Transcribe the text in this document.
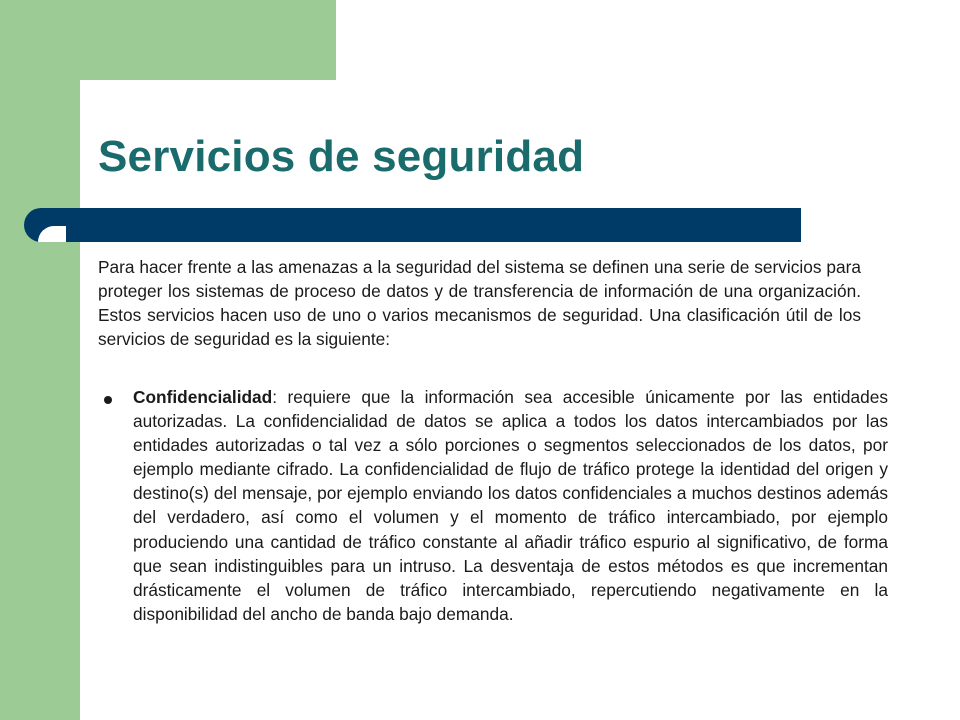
Servicios de seguridad

Para hacer frente a las amenazas a la seguridad del sistema se definen una serie de servicios para proteger los sistemas de proceso de datos y de transferencia de información de una organización. Estos servicios hacen uso de uno o varios mecanismos de seguridad. Una clasificación útil de los servicios de seguridad es la siguiente:

Confidencialidad: requiere que la información sea accesible únicamente por las entidades autorizadas. La confidencialidad de datos se aplica a todos los datos intercambiados por las entidades autorizadas o tal vez a sólo porciones o segmentos seleccionados de los datos, por ejemplo mediante cifrado. La confidencialidad de flujo de tráfico protege la identidad del origen y destino(s) del mensaje, por ejemplo enviando los datos confidenciales a muchos destinos además del verdadero, así como el volumen y el momento de tráfico intercambiado, por ejemplo produciendo una cantidad de tráfico constante al añadir tráfico espurio al significativo, de forma que sean indistinguibles para un intruso. La desventaja de estos métodos es que incrementan drásticamente el volumen de tráfico intercambiado, repercutiendo negativamente en la disponibilidad del ancho de banda bajo demanda.
